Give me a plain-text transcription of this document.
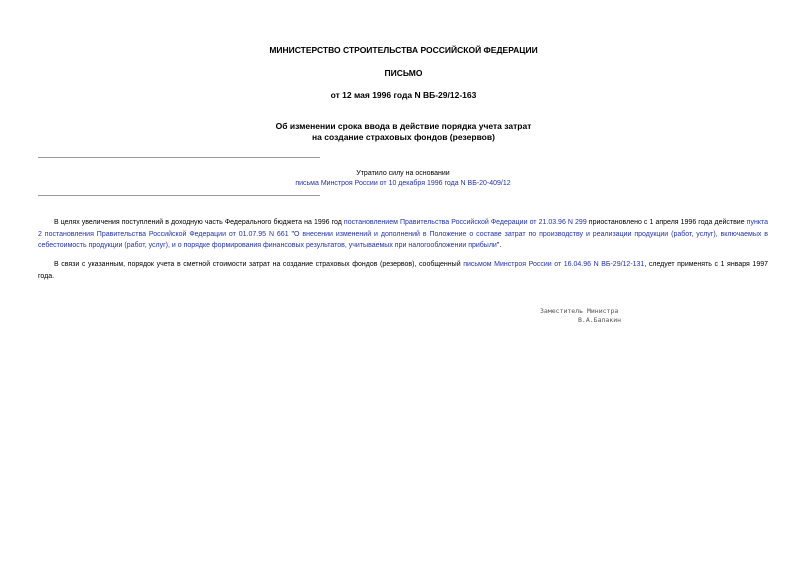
МИНИСТЕРСТВО СТРОИТЕЛЬСТВА РОССИЙСКОЙ ФЕДЕРАЦИИ
ПИСЬМО
от 12 мая 1996 года N ВБ-29/12-163
Об изменении срока ввода в действие порядка учета затрат
на создание страховых фондов (резервов)
Утратило силу на основании
письма Минстроя России от 10 декабря 1996 года N ВБ-20-409/12
В целях увеличения поступлений в доходную часть Федерального бюджета на 1996 год постановлением Правительства Российской Федерации от 21.03.96 N 299 приостановлено с 1 апреля 1996 года действие пункта 2 постановления Правительства Российской Федерации от 01.07.95 N 661 "О внесении изменений и дополнений в Положение о составе затрат по производству и реализации продукции (работ, услуг), включаемых в себестоимость продукции (работ, услуг), и о порядке формирования финансовых результатов, учитываемых при налогообложении прибыли".
В связи с указанным, порядок учета в сметной стоимости затрат на создание страховых фондов (резервов), сообщенный письмом Минстроя России от 16.04.96 N ВБ-29/12-131, следует применять с 1 января 1997 года.
Заместитель Министра
В.А.Балакин
